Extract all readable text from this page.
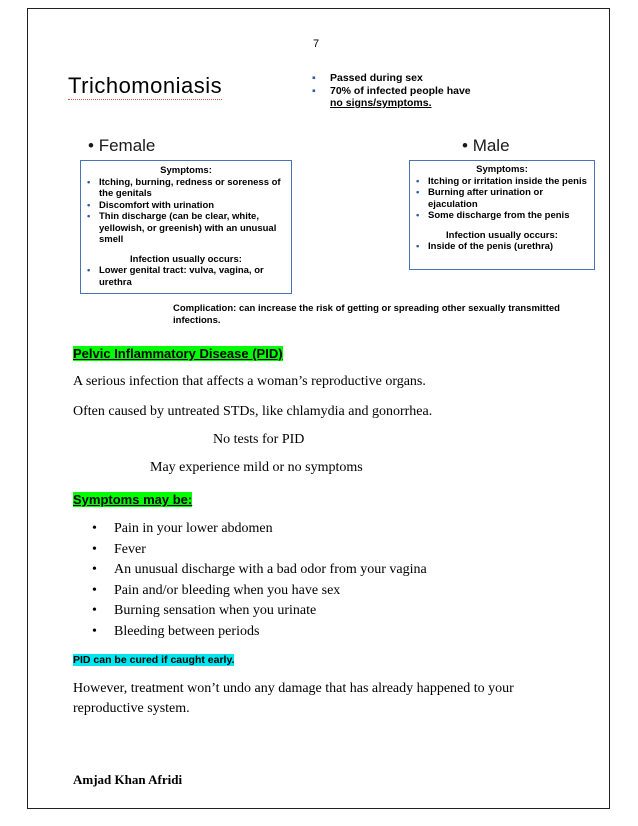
7
Trichomoniasis	▪ Passed during sex
▪ 70% of infected people have
no signs/symptoms.
• Female	• Male
Symptoms:
• Itching, burning, redness or soreness of the genitals
• Discomfort with urination
• Thin discharge (can be clear, white, yellowish, or greenish) with an unusual smell
Infection usually occurs:
• Lower genital tract: vulva, vagina, or urethra
Symptoms:
• Itching or irritation inside the penis
• Burning after urination or ejaculation
• Some discharge from the penis
Infection usually occurs:
• Inside of the penis (urethra)
Complication: can increase the risk of getting or spreading other sexually transmitted infections.
Pelvic Inflammatory Disease (PID)
A serious infection that affects a woman’s reproductive organs.
Often caused by untreated STDs, like chlamydia and gonorrhea.
No tests for PID
May experience mild or no symptoms
Symptoms may be:
• Pain in your lower abdomen
• Fever
• An unusual discharge with a bad odor from your vagina
• Pain and/or bleeding when you have sex
• Burning sensation when you urinate
• Bleeding between periods
PID can be cured if caught early.
However, treatment won’t undo any damage that has already happened to your reproductive system.
Amjad Khan Afridi
